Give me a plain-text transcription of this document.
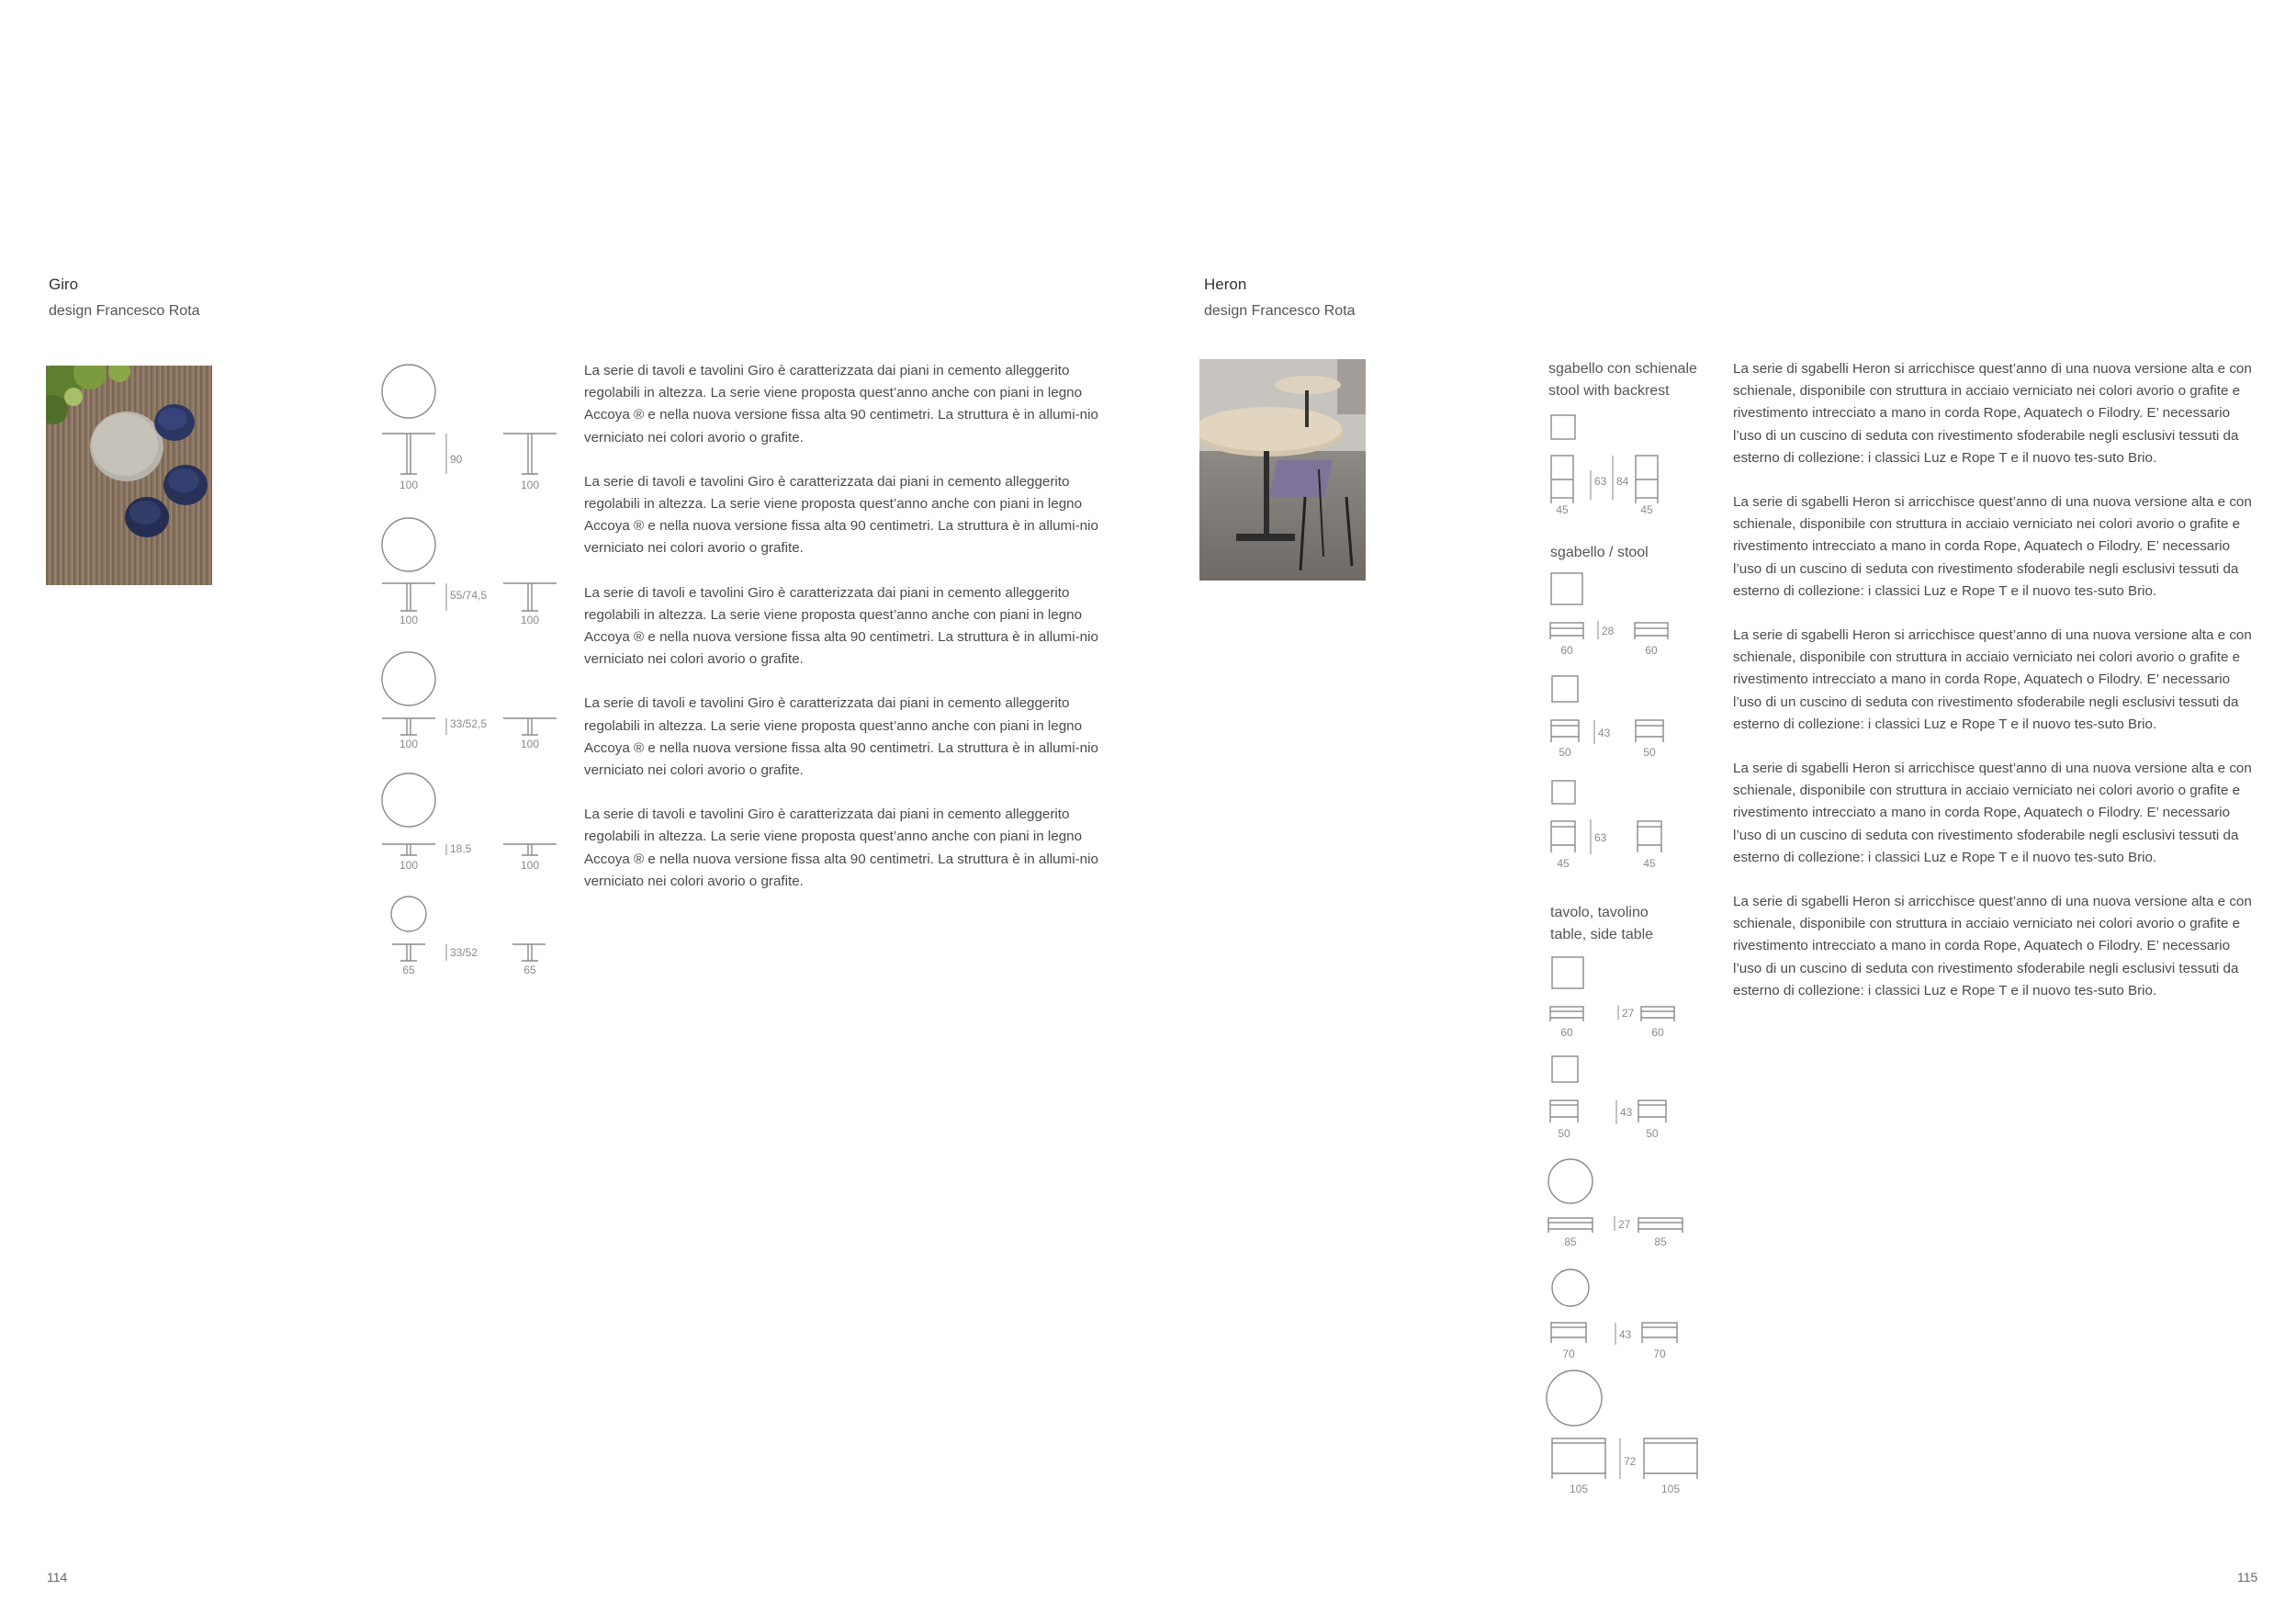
Giro
design Francesco Rota
90
100	100
55/74,5
100	100
33/52,5
100	100
18,5
100	100
33/52
65	65

La serie di tavoli e tavolini Giro è caratterizzata dai piani in cemento alleggerito regolabili in altezza. La serie viene proposta quest’anno anche con piani in legno Accoya ® e nella nuova versione fissa alta 90 centimetri. La struttura è in allumi-nio verniciato nei colori avorio o grafite.

La serie di tavoli e tavolini Giro è caratterizzata dai piani in cemento alleggerito regolabili in altezza. La serie viene proposta quest’anno anche con piani in legno Accoya ® e nella nuova versione fissa alta 90 centimetri. La struttura è in allumi-nio verniciato nei colori avorio o grafite.

La serie di tavoli e tavolini Giro è caratterizzata dai piani in cemento alleggerito regolabili in altezza. La serie viene proposta quest’anno anche con piani in legno Accoya ® e nella nuova versione fissa alta 90 centimetri. La struttura è in allumi-nio verniciato nei colori avorio o grafite.

La serie di tavoli e tavolini Giro è caratterizzata dai piani in cemento alleggerito regolabili in altezza. La serie viene proposta quest’anno anche con piani in legno Accoya ® e nella nuova versione fissa alta 90 centimetri. La struttura è in allumi-nio verniciato nei colori avorio o grafite.

La serie di tavoli e tavolini Giro è caratterizzata dai piani in cemento alleggerito regolabili in altezza. La serie viene proposta quest’anno anche con piani in legno Accoya ® e nella nuova versione fissa alta 90 centimetri. La struttura è in allumi-nio verniciato nei colori avorio o grafite.

114
Heron
design Francesco Rota
sgabello con schienale
stool with backrest
sgabello / stool
tavolo, tavolino
table, side table
63 84
45	45
28
60	60
43
50	50
63
45	45
27
60	60
43
50	50
27
85	85
43
70	70
72
105	105

La serie di sgabelli Heron si arricchisce quest’anno di una nuova versione alta e con schienale, disponibile con struttura in acciaio verniciato nei colori avorio o grafite e rivestimento intrecciato a mano in corda Rope, Aquatech o Filodry. E’ necessario l’uso di un cuscino di seduta con rivestimento sfoderabile negli esclusivi tessuti da esterno di collezione: i classici Luz e Rope T e il nuovo tes-suto Brio.

La serie di sgabelli Heron si arricchisce quest’anno di una nuova versione alta e con schienale, disponibile con struttura in acciaio verniciato nei colori avorio o grafite e rivestimento intrecciato a mano in corda Rope, Aquatech o Filodry. E’ necessario l’uso di un cuscino di seduta con rivestimento sfoderabile negli esclusivi tessuti da esterno di collezione: i classici Luz e Rope T e il nuovo tes-suto Brio.

La serie di sgabelli Heron si arricchisce quest’anno di una nuova versione alta e con schienale, disponibile con struttura in acciaio verniciato nei colori avorio o grafite e rivestimento intrecciato a mano in corda Rope, Aquatech o Filodry. E’ necessario l’uso di un cuscino di seduta con rivestimento sfoderabile negli esclusivi tessuti da esterno di collezione: i classici Luz e Rope T e il nuovo tes-suto Brio.

La serie di sgabelli Heron si arricchisce quest’anno di una nuova versione alta e con schienale, disponibile con struttura in acciaio verniciato nei colori avorio o grafite e rivestimento intrecciato a mano in corda Rope, Aquatech o Filodry. E’ necessario l’uso di un cuscino di seduta con rivestimento sfoderabile negli esclusivi tessuti da esterno di collezione: i classici Luz e Rope T e il nuovo tes-suto Brio.

La serie di sgabelli Heron si arricchisce quest’anno di una nuova versione alta e con schienale, disponibile con struttura in acciaio verniciato nei colori avorio o grafite e rivestimento intrecciato a mano in corda Rope, Aquatech o Filodry. E’ necessario l’uso di un cuscino di seduta con rivestimento sfoderabile negli esclusivi tessuti da esterno di collezione: i classici Luz e Rope T e il nuovo tes-suto Brio.

115
